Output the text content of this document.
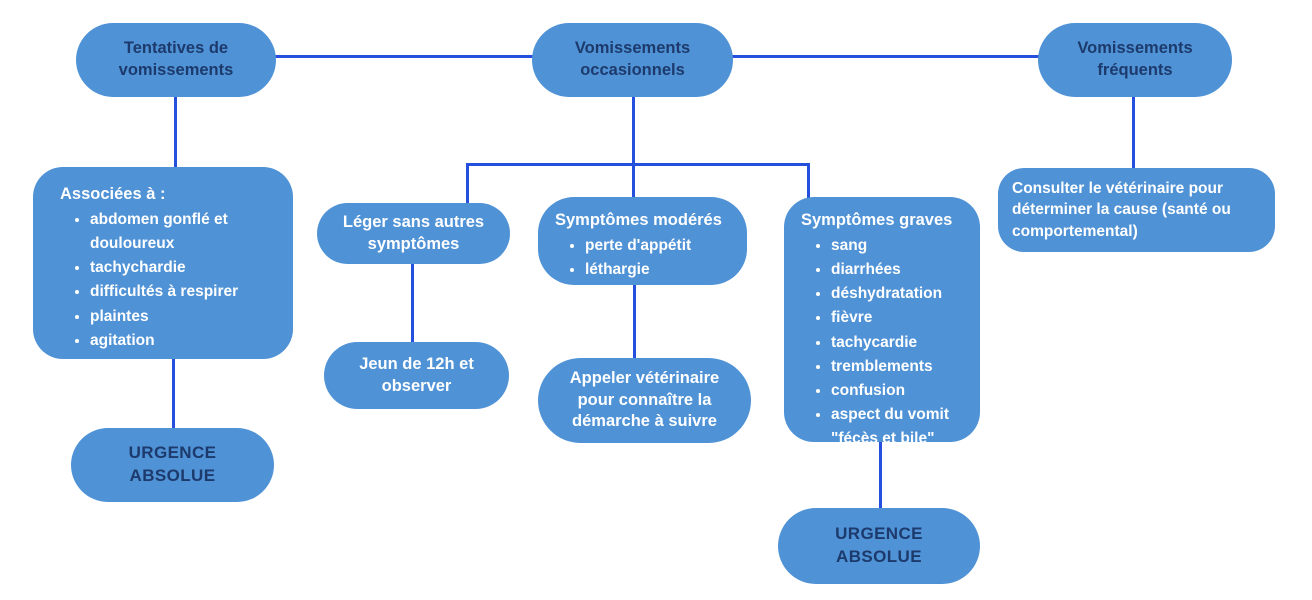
Tentatives de vomissements
Vomissements occasionnels
Vomissements fréquents
Associées à :
• abdomen gonflé et douloureux
• tachychardie
• difficultés à respirer
• plaintes
• agitation
URGENCE
ABSOLUE
Léger sans autres symptômes
Jeun de 12h et observer
Symptômes modérés
• perte d'appétit
• léthargie
Appeler vétérinaire pour connaître la démarche à suivre
Symptômes graves
• sang
• diarrhées
• déshydratation
• fièvre
• tachycardie
• tremblements
• confusion
• aspect du vomit "fécès et bile"
URGENCE
ABSOLUE
Consulter le vétérinaire pour déterminer la cause (santé ou comportemental)
